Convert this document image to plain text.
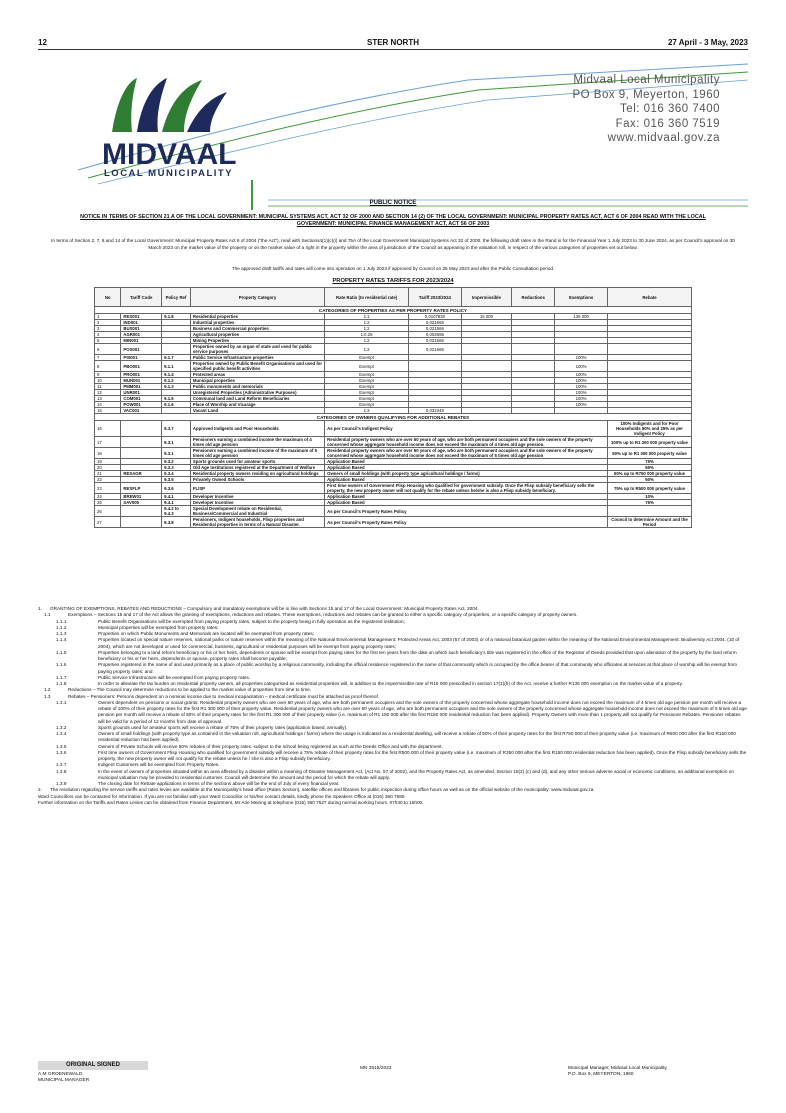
12	STER NORTH	27 April - 3 May, 2023
MIDVAAL
LOCAL MUNICIPALITY
Midvaal Local Municipality
PO Box 9, Meyerton, 1960
Tel: 016 360 7400
Fax: 016 360 7519
www.midvaal.gov.za
PUBLIC NOTICE
NOTICE IN TERMS OF SECTION 21 A OF THE LOCAL GOVERNMENT: MUNICIPAL SYSTEMS ACT, ACT 32 OF 2000 AND SECTION 14 (2) OF THE LOCAL GOVERNMENT: MUNICIPAL PROPERTY RATES ACT, ACT 6 OF 2004 READ WITH THE LOCAL GOVERNMENT: MUNICIPAL FINANCE MANAGEMENT ACT, ACT 56 OF 2003
In terms of Section 2, 7, 8 and 14 of the Local Government: Municipal Property Rates Act 6 of 2004 ("the Act"), read with Sections4(1)(c)(i) and 75A of the Local Government Municipal Systems Act 32 of 2000, the following draft rates in the Rand is for the Financial Year 1 July 2023 to 30 June 2024, as per Council's approval on 30 March 2023 on the market value of the property or on the market value of a right in the property within the area of jurisdiction of the Council as appearing in the valuation roll, in respect of the various categories of properties set out below.
The approved draft tariffs and rates will come into operation on 1 July 2023 if approved by Council on 25 May 2023 and after the Public Consultation period.
PROPERTY RATES TARIFFS FOR 2023/2024
No	Tariff Code	Policy Ref	Property Category	Rate Ratio (to residential rate)	Tariff 2023/2024	Impermissible	Reductions	Exemptions	Rebate
CATEGORIES OF PROPERTIES AS PER PROPERTY RATES POLICY									
1	RES001	9.1.8	Residential properties	1:1	0,0107830	15 000		135 000	
2	IND001		Industrial properties	1:2	0,021566				
3	BUS001		Business and Commercial properties	1:2	0,021566				
4	AGR001		Agricultural properties	1:0.25	0,002696				
5	MIN001		Mining Properties	1:2	0,021566				
6	POS001		Properties owned by an organ of state and used for public service purposes	1:2	0,021566				
7	PSI001	9.1.7	Public Service Infrastructure properties	Exempt				100%	
8	PBO001	9.1.1	Properties owned by Public Benefit Organisations and used for specified public benefit activities	Exempt				100%	
9	PRO001	9.1.4	Protected areas	Exempt				100%	
10	MUN001	9.1.2	Municipal properties	Exempt				100%	
11	PMM001	9.1.3	Public monuments and memorials	Exempt				100%	
12	UNR001		Unregistered Properties (Administrative Purposes)	Exempt				100%	
13	COM001	9.1.5	Communal land and Land Reform Beneficiaries	Exempt				100%	
14	POW001	9.1.6	Place of Worship and Vicarage	Exempt				100%	
15	VAC001		Vacant Land	1:3	0,032349				
CATEGORIES OF OWNERS QUALIFYING FOR ADDITIONAL REBATES									
16		9.3.7	Approved Indigents and Poor Households	As per Council's Indigent Policy					100% Indigents and for Poor Households 50% and 25% as per Indigent Policy
17		9.3.1	Pensioners earning a combined income the maximum of 4 times old age pension	Residential property owners who are over 60 years of age, who are both permanent occupiers and the sole owners of the property concerned whose aggregate household income does not exceed the maximum of 4 times old age pension.					100% up to R1 300 000 property value
18		9.3.1	Pensioners earning a combined income of the maximum of 5 times old age pension	Residential property owners who are over 60 years of age, who are both permanent occupiers and the sole owners of the property concerned whose aggregate household income does not exceed the maximum of 5 times old age pension					50% up to R1 300 000 property value
19		9.3.2	Sports grounds used for amateur sports	Application Based					75%
20		9.3.3	Old Age Institutions registered at the Department of Welfare	Application Based					65%
21	RESAGR	9.3.4	Residential property owners residing on agricultural holdings	Owners of small holdings (with property type agricultural holdings / farms)					50% up to R750 000 property value
22		9.3.5	Privately Owned Schools	Application Based					50%
23	RESFLP	9.3.6	FLISP	First time owners of Government Flisp Housing who qualified for government subsidy. Once the Flisp subsidy beneficiary sells the property, the new property owner will not qualify for the rebate unless he/she is also a Flisp subsidy beneficiary.					75% up to R500 000 property value
24	BREW01	9.4.1	Developer Incentive	Application Based					10%
25	SAV005	9.4.1	Developer Incentive	Application Based					75%
26		9.4.2 to 9.4.3	Special Development rebate on Residential, Business/Commercial and Industrial	As per Council's Property Rates Policy					
27		9.3.8	Pensioners, Indigent households, Flisp properties and Residential properties in terms of a Natural Disaster.	As per Council's Property Rates Policy					Council to determine Amount and the Period
1.	GRANTING OF EXEMPTIONS, REBATES AND REDUCTIONS – Compulsory and mandatory exemptions will be in line with Sections 15 and 17 of the Local Government: Municipal Property Rates Act, 2004.
1.1	Exemptions – Sections 15 and 17 of the Act allows the granting of exemptions, reductions and rebates. These exemptions, reductions and rebates can be granted to either a specific category of properties, or a specific category of property owners.
1.1.1	Public Benefit Organisations will be exempted from paying property rates, subject to the property being in fully operation as the registered institution;
1.1.2	Municipal properties will be exempted from property rates;
1.1.3	Properties on which Public Monuments and Memorials are located will be exempted from property rates;
1.1.4	Properties located on special nature reserves, national parks or nature reserves within the meaning of the National Environmental Management: Protected Areas Act, 2003 (57 of 2003) or of a national botanical garden within the meaning of the National Environmental Management: Biodiversity Act 2004, (10 of 2004), which are not developed or used for commercial, business, agricultural or residential purposes will be exempt from paying property rates;
1.1.5	Properties belonging to a land reform beneficiary or his or her heirs, dependents or spouse will be exempt from paying rates for the first ten years from the date on which such beneficiary's title was registered in the office of the Registrar of Deeds provided that upon alienation of the property by the land reform beneficiary or his or her heirs, dependents or spouse, property rates shall become payable;
1.1.6	Properties registered in the name of and used primarily as a place of public worship by a religious community, including the official residence registered in the name of that community which is occupied by the office bearer of that community who officiates at services at that place of worship will be exempt from paying property rates; and
1.1.7	Public Service Infrastructure will be exempted from paying property rates.
1.1.8	In order to alleviate the tax burden on residential property owners, all properties categorised as residential properties will, in addition to the impermissible rate of R15 000 prescribed in section 17(1)(h) of the Act, receive a further R135 000 exemption on the market value of a property.
1.2	Reductions – The Council may determine reductions to be applied to the market value of properties from time to time.
1.3	Rebates – Pensioners: Persons dependent on a nominal income due to medical incapacitation – medical certificate must be attached as proof thereof.
1.3.1	Owners dependent on pensions or social grants: Residential property owners who are over 60 years of age, who are both permanent occupiers and the sole owners of the property concerned whose aggregate household income does not exceed the maximum of 4 times old age pension per month will receive a rebate of 100% of their property rates for the first R1 300 000 of their property value. Residential property owners who are over 60 years of age, who are both permanent occupiers and the sole owners of the property concerned whose aggregate household income does not exceed the maximum of 5 times old age pension per month will receive a rebate of 50% of their property rates for the first R1 300 000 of their property value (i.e. maximum of R1 150 000 after the first R150 000 residential reduction has been applied). Property Owners with more than 1 property will not qualify for Pensioner Rebates. Pensioner rebates will be valid for a period of 12 months from date of approval.
1.3.2	Sports grounds used for amateur sports will receive a rebate of 75% of their property rates (application based, annually).
1.3.4	Owners of small holdings (with property type as contained in the valuation roll, agricultural holdings / farms) where the usage is indicated as a residential dwelling, will receive a rebate of 50% of their property rates for the first R750 000 of their property value (i.e. maximum of R600 000 after the first R150 000 residential reduction has been applied).
1.3.5	Owners of Private Schools will receive 50% rebates of their property rates, subject to the school being registered as such at the Deeds Office and with the department.
1.3.6	First time owners of Government Flisp Housing who qualified for government subsidy will receive a 75% rebate of their property rates for the first R500 000 of their property value (i.e. maximum of R350 000 after the first R150 000 residential reduction has been applied). Once the Flisp subsidy beneficiary sells the property, the new property owner will not qualify for the rebate unless he / she is also a Flisp subsidy beneficiary.
1.3.7	Indigent Customers will be exempted from Property Rates.
1.3.8	In the event of owners of properties situated within an area affected by a disaster within a meaning of Disaster Management Act, (Act No. 57 of 2002), and the Property Rates Act, as amended, Section 15(2) (c) and (d), and any other serious adverse social or economic conditions, an additional exemption on municipal valuation may be provided to residential customer. Council will determine the amount and the period for which the rebate will apply.
1.3.9	The closing date for Rebate applications in terms of the sections above will be the end of July of every financial year.
2.	The resolution regarding the service tariffs and rates levies are available at the Municipality's head office (Rates Section), satellite offices and libraries for public inspection during office hours as well as on the official website of the municipality: www.midvaal.gov.za.
Ward Councillors can be contacted for information. If you are not familiar with your Ward Councillor or his/her contact details, kindly phone the Speakers Office at (016) 360 7680.
Further information on the Tariffs and Rates Levies can be obtained from Finance Department, Mr Arie Meiring at telephone (016) 360 7527 during normal working hours, 07h30 to 16h00.
ORIGINAL SIGNED
A.M GROENEWALD
MUNICIPAL MANAGER
MN 3515/2023	Municipal Manager, Midvaal Local Municipality,
P.O. Box 9, MEYERTON, 1960
